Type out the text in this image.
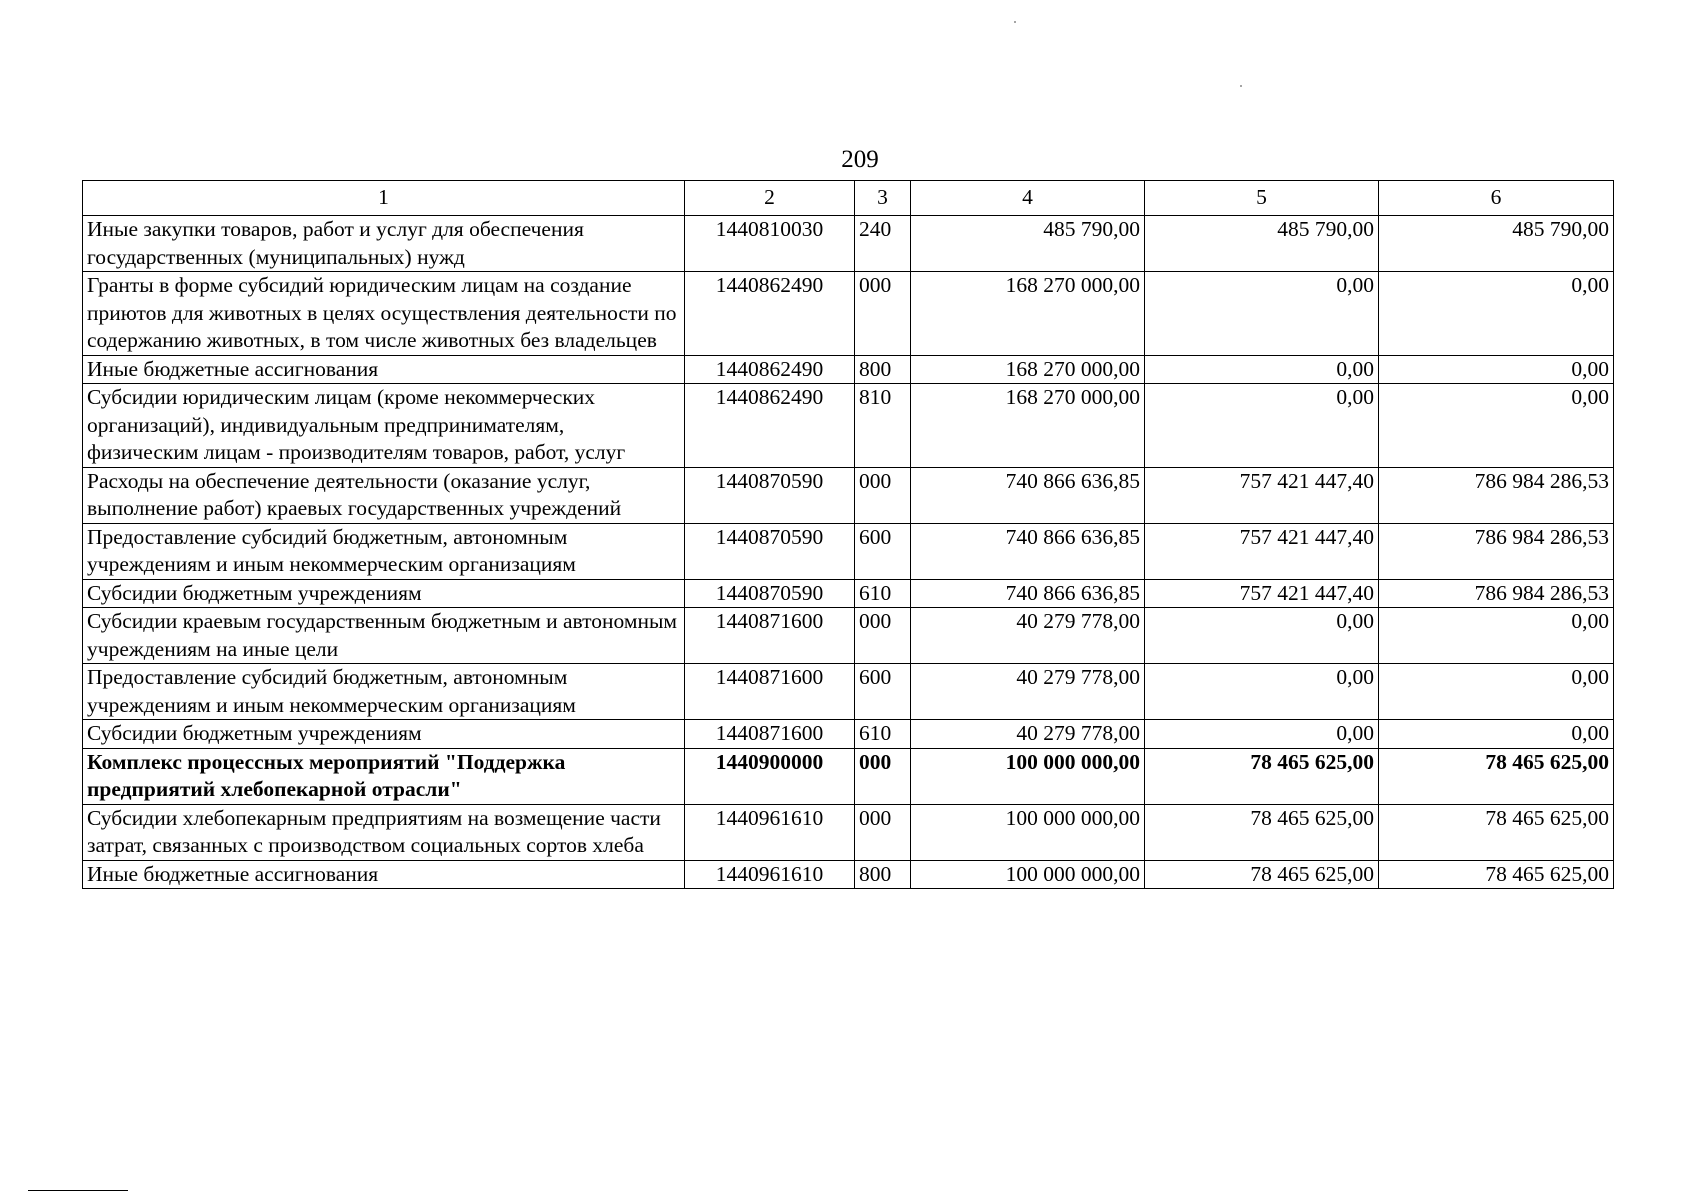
209
1	2	3	4	5	6
Иные закупки товаров, работ и услуг для обеспечения государственных (муниципальных) нужд	1440810030	240	485 790,00	485 790,00	485 790,00
Гранты в форме субсидий юридическим лицам на создание приютов для животных в целях осуществления деятельности по содержанию животных, в том числе животных без владельцев	1440862490	000	168 270 000,00	0,00	0,00
Иные бюджетные ассигнования	1440862490	800	168 270 000,00	0,00	0,00
Субсидии юридическим лицам (кроме некоммерческих организаций), индивидуальным предпринимателям, физическим лицам - производителям товаров, работ, услуг	1440862490	810	168 270 000,00	0,00	0,00
Расходы на обеспечение деятельности (оказание услуг, выполнение работ) краевых государственных учреждений	1440870590	000	740 866 636,85	757 421 447,40	786 984 286,53
Предоставление субсидий бюджетным, автономным учреждениям и иным некоммерческим организациям	1440870590	600	740 866 636,85	757 421 447,40	786 984 286,53
Субсидии бюджетным учреждениям	1440870590	610	740 866 636,85	757 421 447,40	786 984 286,53
Субсидии краевым государственным бюджетным и автономным учреждениям на иные цели	1440871600	000	40 279 778,00	0,00	0,00
Предоставление субсидий бюджетным, автономным учреждениям и иным некоммерческим организациям	1440871600	600	40 279 778,00	0,00	0,00
Субсидии бюджетным учреждениям	1440871600	610	40 279 778,00	0,00	0,00
Комплекс процессных мероприятий "Поддержка предприятий хлебопекарной отрасли"	1440900000	000	100 000 000,00	78 465 625,00	78 465 625,00
Субсидии хлебопекарным предприятиям на возмещение части затрат, связанных с производством социальных сортов хлеба	1440961610	000	100 000 000,00	78 465 625,00	78 465 625,00
Иные бюджетные ассигнования	1440961610	800	100 000 000,00	78 465 625,00	78 465 625,00
